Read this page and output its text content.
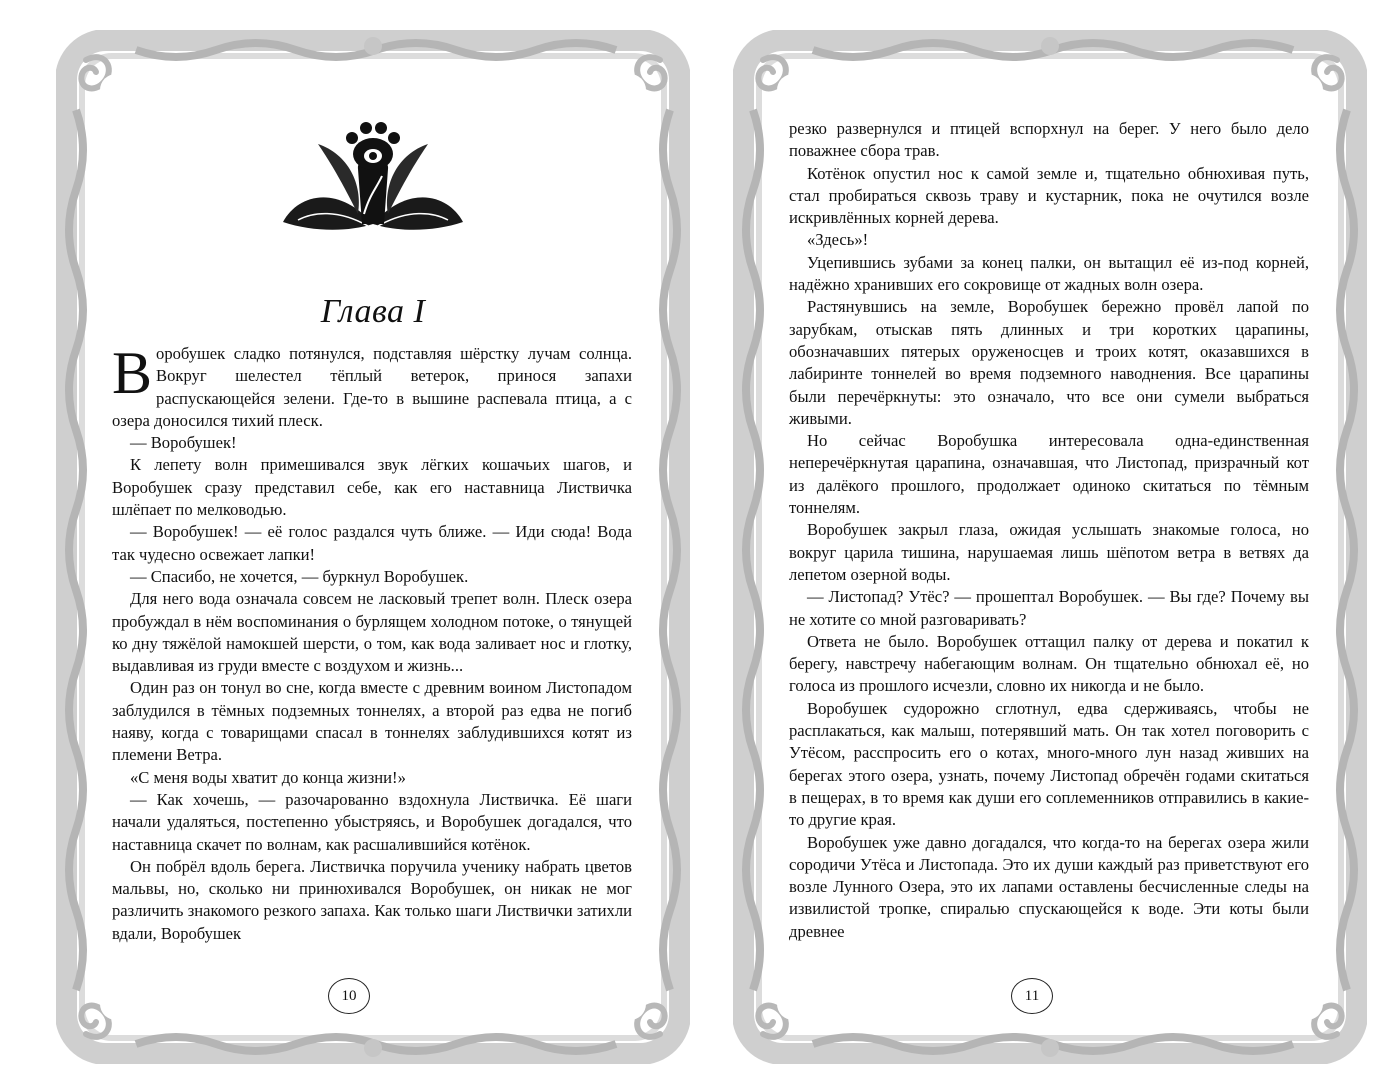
Глава I

Воробушек сладко потянулся, подставляя шёрстку лучам солнца. Вокруг шелестел тёплый ветерок, принося запахи распускающейся зелени. Где-то в вышине распевала птица, а с озера доносился тихий плеск.

— Воробушек!

К лепету волн примешивался звук лёгких кошачьих шагов, и Воробушек сразу представил себе, как его наставница Листвичка шлёпает по мелководью.

— Воробушек! — её голос раздался чуть ближе. — Иди сюда! Вода так чудесно освежает лапки!

— Спасибо, не хочется, — буркнул Воробушек.

Для него вода означала совсем не ласковый трепет волн. Плеск озера пробуждал в нём воспоминания о бурлящем холодном потоке, о тянущей ко дну тяжёлой намокшей шерсти, о том, как вода заливает нос и глотку, выдавливая из груди вместе с воздухом и жизнь...

Один раз он тонул во сне, когда вместе с древним воином Листопадом заблудился в тёмных подземных тоннелях, а второй раз едва не погиб наяву, когда с товарищами спасал в тоннелях заблудившихся котят из племени Ветра.

«С меня воды хватит до конца жизни!»

— Как хочешь, — разочарованно вздохнула Листвичка. Её шаги начали удаляться, постепенно убыстряясь, и Воробушек догадался, что наставница скачет по волнам, как расшалившийся котёнок.

Он побрёл вдоль берега. Листвичка поручила ученику набрать цветов мальвы, но, сколько ни принюхивался Воробушек, он никак не мог различить знакомого резкого запаха. Как только шаги Листвички затихли вдали, Воробушек

10

резко развернулся и птицей вспорхнул на берег. У него было дело поважнее сбора трав.

Котёнок опустил нос к самой земле и, тщательно обнюхивая путь, стал пробираться сквозь траву и кустарник, пока не очутился возле искривлённых корней дерева.

«Здесь»!

Уцепившись зубами за конец палки, он вытащил её из-под корней, надёжно хранивших его сокровище от жадных волн озера.

Растянувшись на земле, Воробушек бережно провёл лапой по зарубкам, отыскав пять длинных и три коротких царапины, обозначавших пятерых оруженосцев и троих котят, оказавшихся в лабиринте тоннелей во время подземного наводнения. Все царапины были перечёркнуты: это означало, что все они сумели выбраться живыми.

Но сейчас Воробушка интересовала одна-единственная неперечёркнутая царапина, означавшая, что Листопад, призрачный кот из далёкого прошлого, продолжает одиноко скитаться по тёмным тоннелям.

Воробушек закрыл глаза, ожидая услышать знакомые голоса, но вокруг царила тишина, нарушаемая лишь шёпотом ветра в ветвях да лепетом озерной воды.

— Листопад? Утёс? — прошептал Воробушек. — Вы где? Почему вы не хотите со мной разговаривать?

Ответа не было. Воробушек оттащил палку от дерева и покатил к берегу, навстречу набегающим волнам. Он тщательно обнюхал её, но голоса из прошлого исчезли, словно их никогда и не было.

Воробушек судорожно сглотнул, едва сдерживаясь, чтобы не расплакаться, как малыш, потерявший мать. Он так хотел поговорить с Утёсом, расспросить его о котах, много-много лун назад живших на берегах этого озера, узнать, почему Листопад обречён годами скитаться в пещерах, в то время как души его соплеменников отправились в какие-то другие края.

Воробушек уже давно догадался, что когда-то на берегах озера жили сородичи Утёса и Листопада. Это их души каждый раз приветствуют его возле Лунного Озера, это их лапами оставлены бесчисленные следы на извилистой тропке, спиралью спускающейся к воде. Эти коты были древнее

11
